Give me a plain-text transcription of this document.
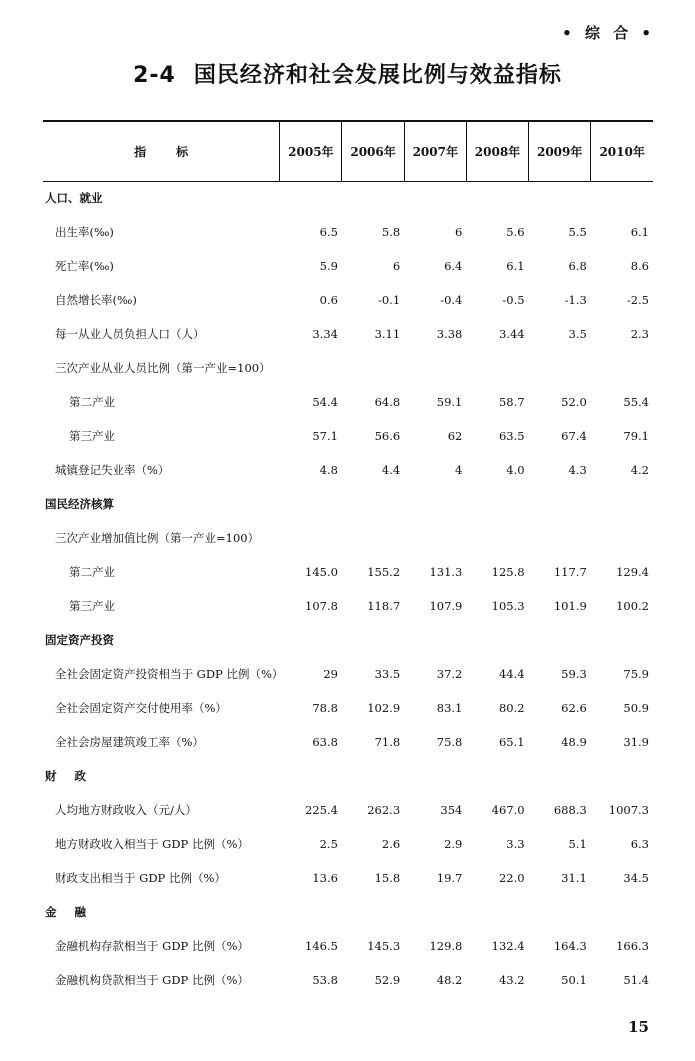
• 综 合 •
2-4 国民经济和社会发展比例与效益指标
指标	2005年	2006年	2007年	2008年	2009年	2010年
人口、就业						
出生率(‰)	6.5	5.8	6	5.6	5.5	6.1
死亡率(‰)	5.9	6	6.4	6.1	6.8	8.6
自然增长率(‰)	0.6	-0.1	-0.4	-0.5	-1.3	-2.5
每一从业人员负担人口（人）	3.34	3.11	3.38	3.44	3.5	2.3
三次产业从业人员比例（第一产业=100）						
第二产业	54.4	64.8	59.1	58.7	52.0	55.4
第三产业	57.1	56.6	62	63.5	67.4	79.1
城镇登记失业率（%）	4.8	4.4	4	4.0	4.3	4.2
国民经济核算						
三次产业增加值比例（第一产业=100）						
第二产业	145.0	155.2	131.3	125.8	117.7	129.4
第三产业	107.8	118.7	107.9	105.3	101.9	100.2
固定资产投资						
全社会固定资产投资相当于 GDP 比例（%）	29	33.5	37.2	44.4	59.3	75.9
全社会固定资产交付使用率（%）	78.8	102.9	83.1	80.2	62.6	50.9
全社会房屋建筑竣工率（%）	63.8	71.8	75.8	65.1	48.9	31.9
财政						
人均地方财政收入（元/人）	225.4	262.3	354	467.0	688.3	1007.3
地方财政收入相当于 GDP 比例（%）	2.5	2.6	2.9	3.3	5.1	6.3
财政支出相当于 GDP 比例（%）	13.6	15.8	19.7	22.0	31.1	34.5
金融						
金融机构存款相当于 GDP 比例（%）	146.5	145.3	129.8	132.4	164.3	166.3
金融机构贷款相当于 GDP 比例（%）	53.8	52.9	48.2	43.2	50.1	51.4
15
